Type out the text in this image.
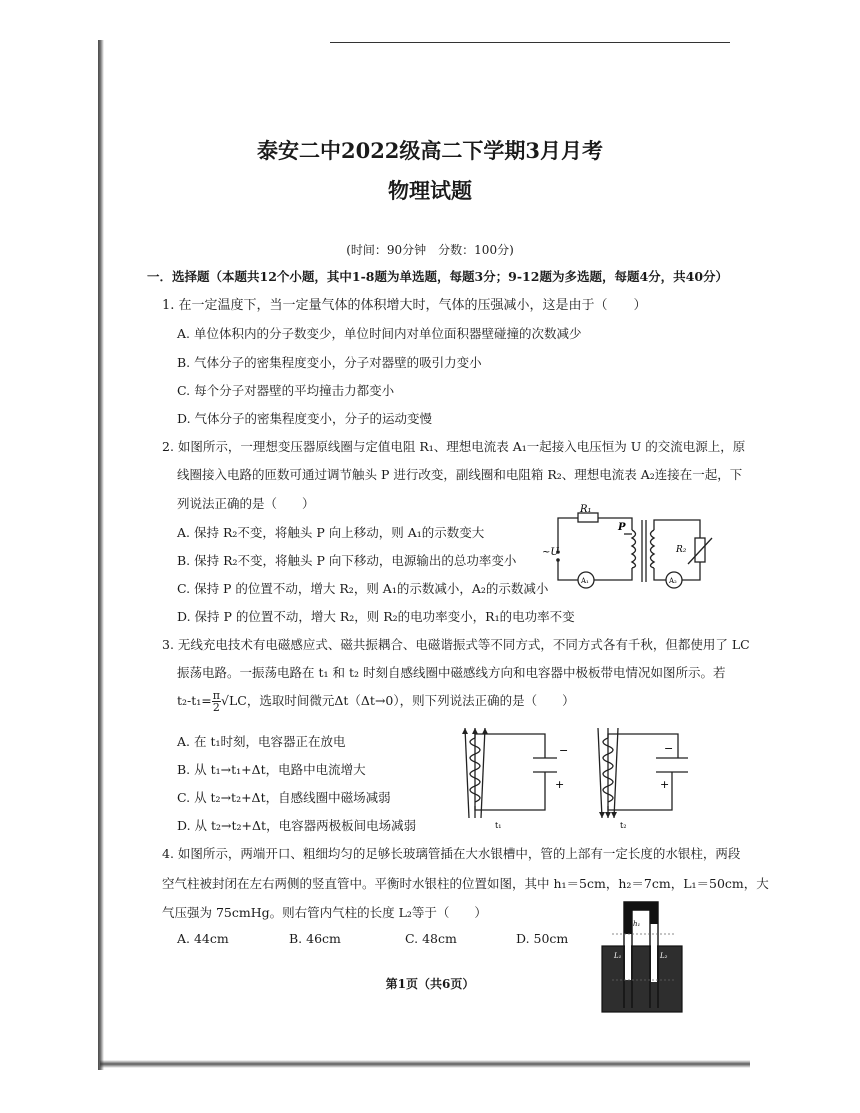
泰安二中2022级高二下学期3月月考
物理试题
(时间：90分钟　分数：100分)
一．选择题（本题共12个小题，其中1-8题为单选题，每题3分；9-12题为多选题，每题4分，共40分）
1. 在一定温度下，当一定量气体的体积增大时，气体的压强减小，这是由于（　　）
A. 单位体积内的分子数变少，单位时间内对单位面积器壁碰撞的次数减少
B. 气体分子的密集程度变小，分子对器壁的吸引力变小
C. 每个分子对器壁的平均撞击力都变小
D. 气体分子的密集程度变小，分子的运动变慢
2. 如图所示，一理想变压器原线圈与定值电阻 R₁、理想电流表 A₁一起接入电压恒为 U 的交流电源上，原
线圈接入电路的匝数可通过调节触头 P 进行改变，副线圈和电阻箱 R₂、理想电流表 A₂连接在一起，下
列说法正确的是（　　）
A. 保持 R₂不变，将触头 P 向上移动，则 A₁的示数变大
B. 保持 R₂不变，将触头 P 向下移动，电源输出的总功率变小
C. 保持 P 的位置不动，增大 R₂，则 A₁的示数减小，A₂的示数减小
D. 保持 P 的位置不动，增大 R₂，则 R₂的电功率变小，R₁的电功率不变
R₁
P
~U	R₂
A₁	A₂
3. 无线充电技术有电磁感应式、磁共振耦合、电磁谐振式等不同方式，不同方式各有千秋，但都使用了 LC
振荡电路。一振荡电路在 t₁ 和 t₂ 时刻自感线圈中磁感线方向和电容器中极板带电情况如图所示。若
$t_2-t_1= \frac{\pi}{2} √LC$，选取时间微元Δt（Δt→0），则下列说法正确的是（　　）
A. 在 t₁时刻，电容器正在放电
B. 从 t₁→t₁+Δt，电路中电流增大
C. 从 t₂→t₂+Δt，自感线圈中磁场减弱
D. 从 t₂→t₂+Δt，电容器两极板间电场减弱
−
+
t₁
−
+
t₂
4. 如图所示，两端开口、粗细均匀的足够长玻璃管插在大水银槽中，管的上部有一定长度的水银柱，两段
空气柱被封闭在左右两侧的竖直管中。平衡时水银柱的位置如图，其中 h₁＝5cm，h₂＝7cm，L₁＝50cm，大
气压强为 75cmHg。则右管内气柱的长度 L₂等于（　　）
A. 44cm	B. 46cm	C. 48cm	D. 50cm
h₁
L₁	L₂
第1页（共6页）
